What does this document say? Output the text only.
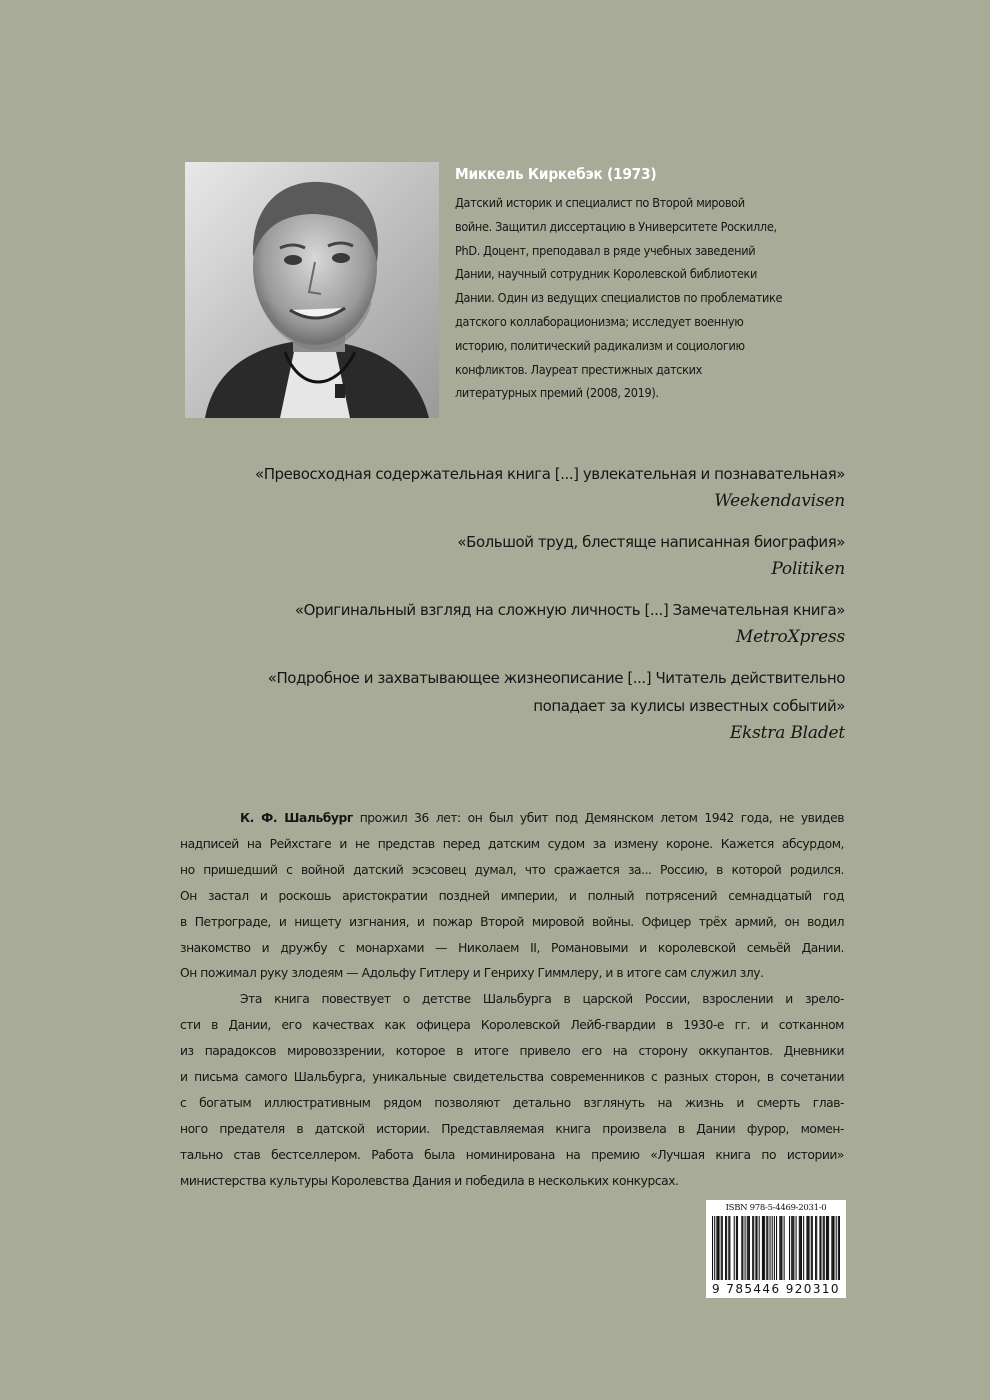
Миккель Киркебэк (1973)

Датский историк и специалист по Второй мировой
войне. Защитил диссертацию в Университете Роскилле,
PhD. Доцент, преподавал в ряде учебных заведений
Дании, научный сотрудник Королевской библиотеки
Дании. Один из ведущих специалистов по проблематике
датского коллаборационизма; исследует военную
историю, политический радикализм и социологию
конфликтов. Лауреат престижных датских
литературных премий (2008, 2019).

«Превосходная содержательная книга [...] увлекательная и познавательная»
Weekendavisen
«Большой труд, блестяще написанная биография»
Politiken
«Оригинальный взгляд на сложную личность [...] Замечательная книга»
MetroXpress
«Подробное и захватывающее жизнеописание [...] Читатель действительно
попадает за кулисы известных событий»
Ekstra Bladet
К. Ф. Шальбург прожил 36 лет: он был убит под Демянском летом 1942 года, не увидев
надписей на Рейхстаге и не представ перед датским судом за измену короне. Кажется абсурдом,
но пришедший с войной датский эсэсовец думал, что сражается за... Россию, в которой родился.
Он застал и роскошь аристократии поздней империи, и полный потрясений семнадцатый год
в Петрограде, и нищету изгнания, и пожар Второй мировой войны. Офицер трёх армий, он водил
знакомство и дружбу с монархами — Николаем II, Романовыми и королевской семьёй Дании.
Он пожимал руку злодеям — Адольфу Гитлеру и Генриху Гиммлеру, и в итоге сам служил злу.
Эта книга повествует о детстве Шальбурга в царской России, взрослении и зрело-
сти в Дании, его качествах как офицера Королевской Лейб-гвардии в 1930-е гг. и сотканном
из парадоксов мировоззрении, которое в итоге привело его на сторону оккупантов. Дневники
и письма самого Шальбурга, уникальные свидетельства современников с разных сторон, в сочетании
с богатым иллюстративным рядом позволяют детально взглянуть на жизнь и смерть глав-
ного предателя в датской истории. Представляемая книга произвела в Дании фурор, момен-
тально став бестселлером. Работа была номинирована на премию «Лучшая книга по истории»
министерства культуры Королевства Дания и победила в нескольких конкурсах.
ISBN 978-5-4469-2031-0
9 785446 920310
